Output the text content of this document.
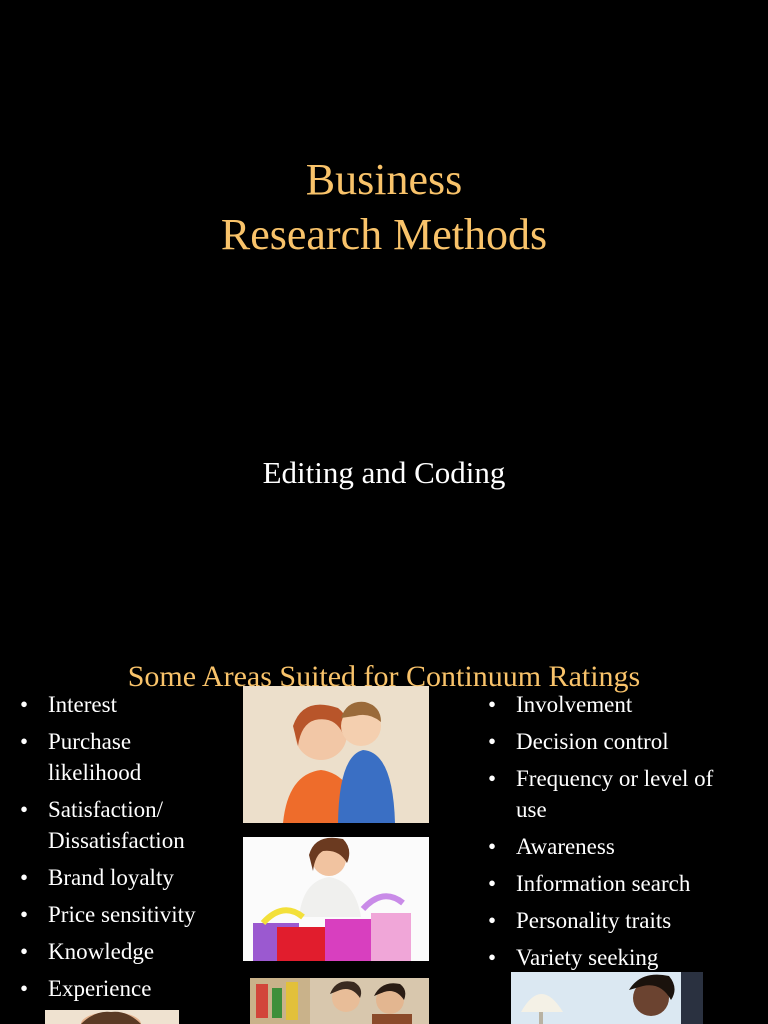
Business
Research Methods
Editing and Coding
Some Areas Suited for Continuum Ratings
• Interest
• Purchase
likelihood
• Satisfaction/
Dissatisfaction
• Brand loyalty
• Price sensitivity
• Knowledge
• Experience
• Involvement
• Decision control
• Frequency or level of
use
• Awareness
• Information search
• Personality traits
• Variety seeking
